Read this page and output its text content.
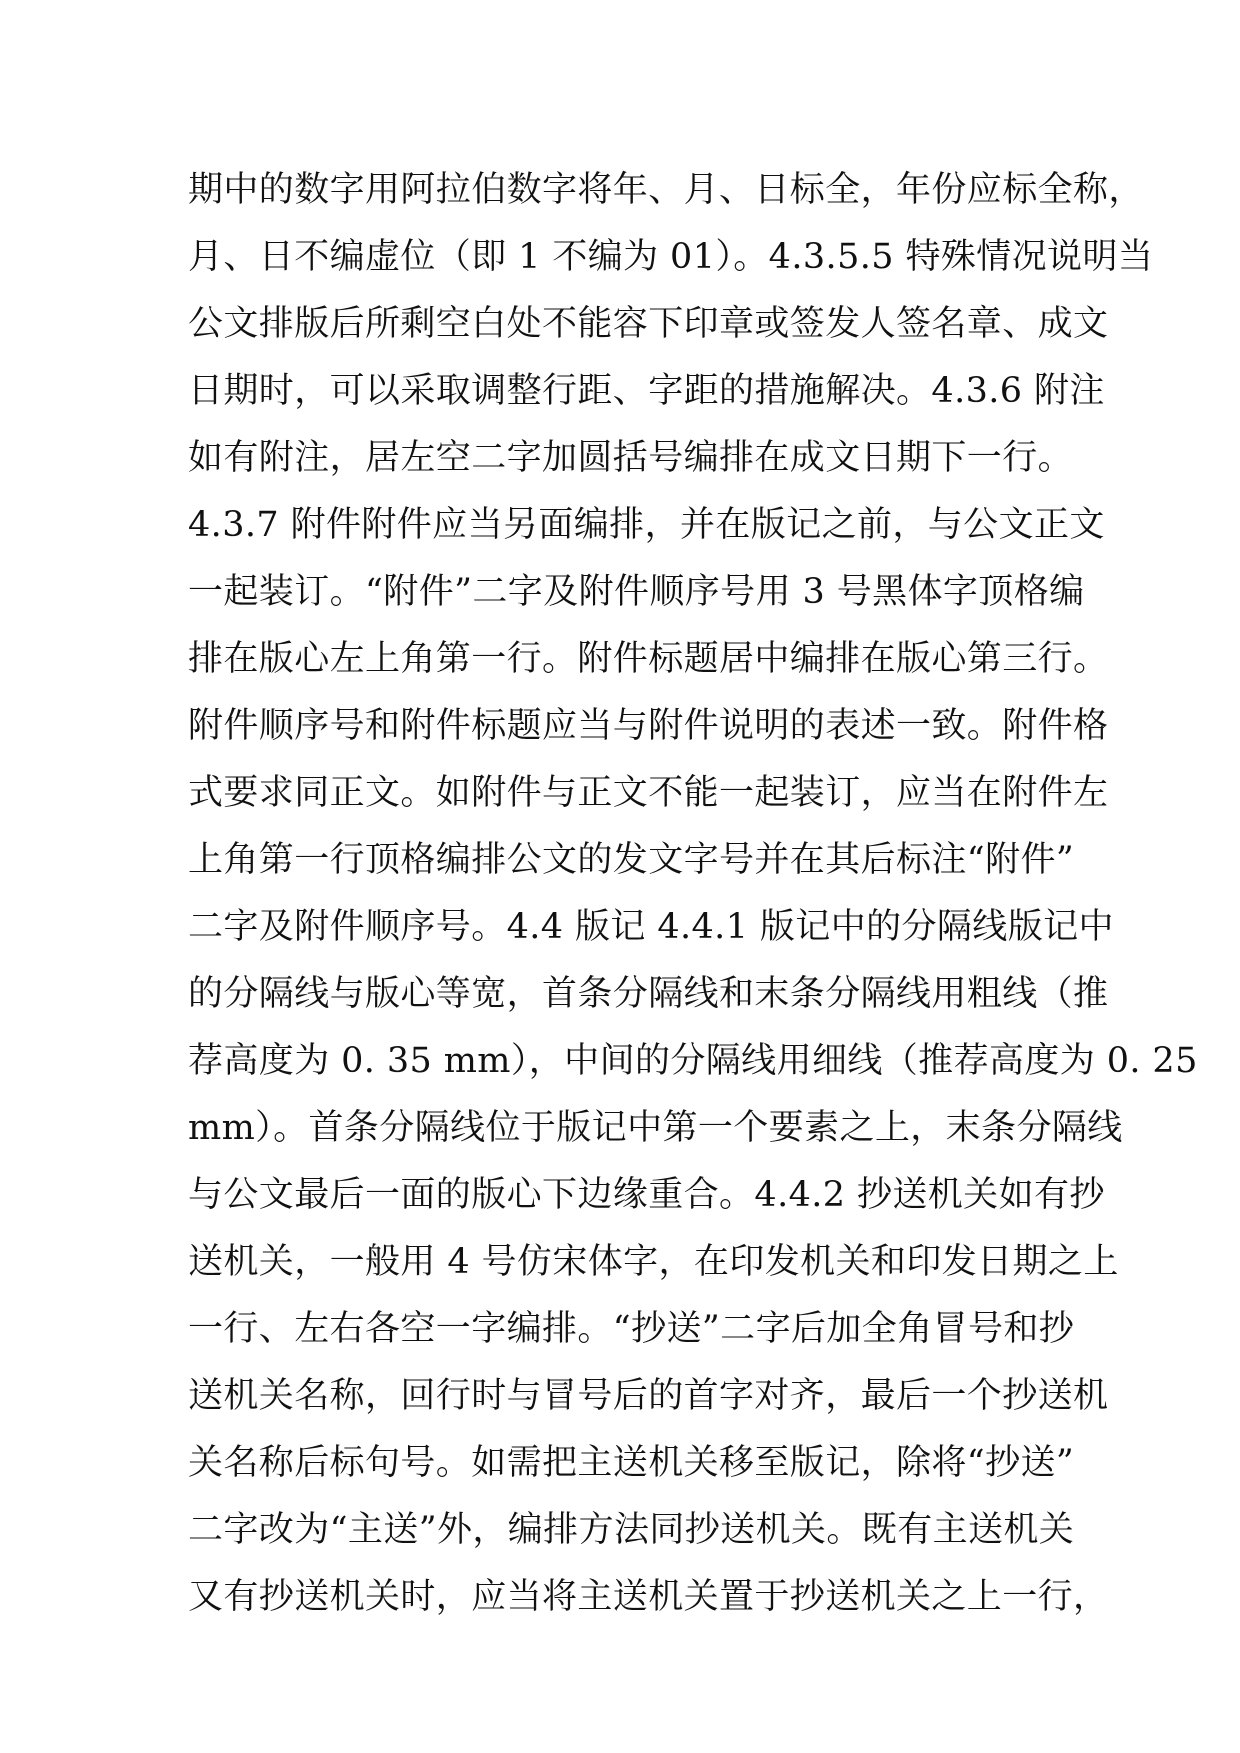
期中的数字用阿拉伯数字将年、月、日标全，年份应标全称，
月、日不编虚位（即 1 不编为 01）。4.3.5.5 特殊情况说明当
公文排版后所剩空白处不能容下印章或签发人签名章、成文
日期时，可以采取调整行距、字距的措施解决。4.3.6 附注
如有附注，居左空二字加圆括号编排在成文日期下一行。
4.3.7 附件附件应当另面编排，并在版记之前，与公文正文
一起装订。“附件”二字及附件顺序号用 3 号黑体字顶格编
排在版心左上角第一行。附件标题居中编排在版心第三行。
附件顺序号和附件标题应当与附件说明的表述一致。附件格
式要求同正文。如附件与正文不能一起装订，应当在附件左
上角第一行顶格编排公文的发文字号并在其后标注“附件”
二字及附件顺序号。4.4 版记 4.4.1 版记中的分隔线版记中
的分隔线与版心等宽，首条分隔线和末条分隔线用粗线（推
荐高度为 0. 35 mm），中间的分隔线用细线（推荐高度为 0. 25
mm）。首条分隔线位于版记中第一个要素之上，末条分隔线
与公文最后一面的版心下边缘重合。4.4.2 抄送机关如有抄
送机关，一般用 4 号仿宋体字，在印发机关和印发日期之上
一行、左右各空一字编排。“抄送”二字后加全角冒号和抄
送机关名称，回行时与冒号后的首字对齐，最后一个抄送机
关名称后标句号。如需把主送机关移至版记，除将“抄送”
二字改为“主送”外，编排方法同抄送机关。既有主送机关
又有抄送机关时，应当将主送机关置于抄送机关之上一行，
